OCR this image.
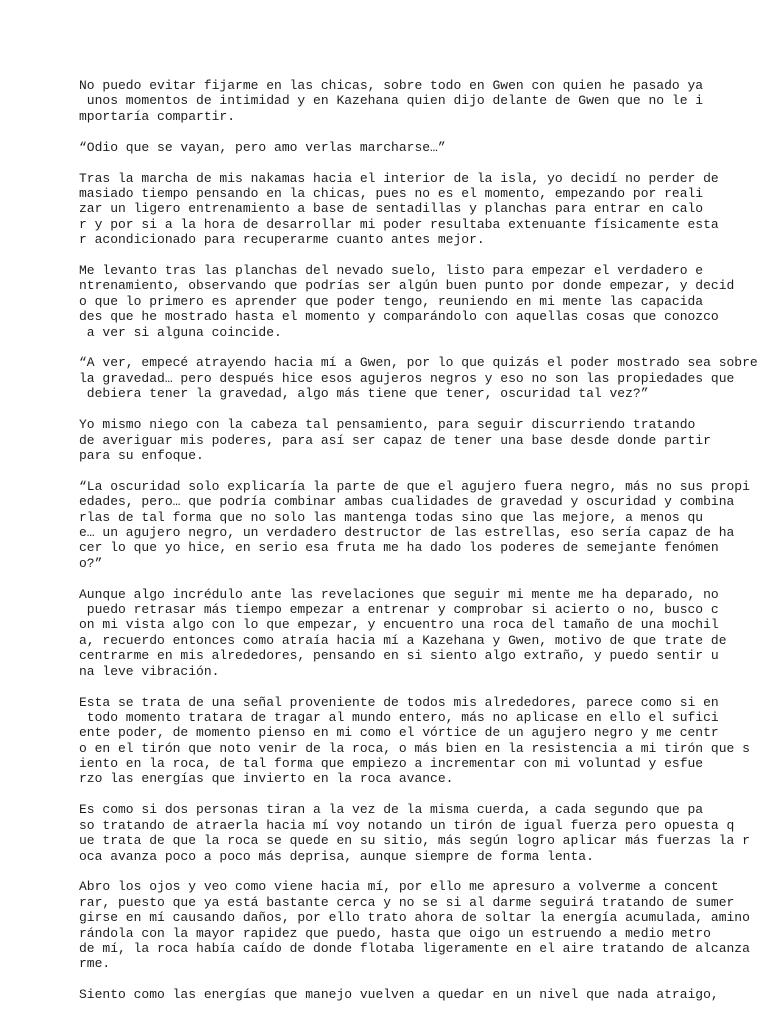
No puedo evitar fijarme en las chicas, sobre todo en Gwen con quien he pasado ya
unos momentos de intimidad y en Kazehana quien dijo delante de Gwen que no le i
mportaría compartir.
“Odio que se vayan, pero amo verlas marcharse…”
Tras la marcha de mis nakamas hacia el interior de la isla, yo decidí no perder de
masiado tiempo pensando en la chicas, pues no es el momento, empezando por reali
zar un ligero entrenamiento a base de sentadillas y planchas para entrar en calo
r y por si a la hora de desarrollar mi poder resultaba extenuante físicamente esta
r acondicionado para recuperarme cuanto antes mejor.
Me levanto tras las planchas del nevado suelo, listo para empezar el verdadero e
ntrenamiento, observando que podrías ser algún buen punto por donde empezar, y decid
o que lo primero es aprender que poder tengo, reuniendo en mi mente las capacida
des que he mostrado hasta el momento y comparándolo con aquellas cosas que conozco
a ver si alguna coincide.
“A ver, empecé atrayendo hacia mí a Gwen, por lo que quizás el poder mostrado sea sobre
la gravedad… pero después hice esos agujeros negros y eso no son las propiedades que
debiera tener la gravedad, algo más tiene que tener, oscuridad tal vez?”
Yo mismo niego con la cabeza tal pensamiento, para seguir discurriendo tratando
de averiguar mis poderes, para así ser capaz de tener una base desde donde partir
para su enfoque.
“La oscuridad solo explicaría la parte de que el agujero fuera negro, más no sus propi
edades, pero… que podría combinar ambas cualidades de gravedad y oscuridad y combina
rlas de tal forma que no solo las mantenga todas sino que las mejore, a menos qu
e… un agujero negro, un verdadero destructor de las estrellas, eso sería capaz de ha
cer lo que yo hice, en serio esa fruta me ha dado los poderes de semejante fenómen
o?”
Aunque algo incrédulo ante las revelaciones que seguir mi mente me ha deparado, no
puedo retrasar más tiempo empezar a entrenar y comprobar si acierto o no, busco c
on mi vista algo con lo que empezar, y encuentro una roca del tamaño de una mochil
a, recuerdo entonces como atraía hacia mí a Kazehana y Gwen, motivo de que trate de
centrarme en mis alrededores, pensando en si siento algo extraño, y puedo sentir u
na leve vibración.
Esta se trata de una señal proveniente de todos mis alrededores, parece como si en
todo momento tratara de tragar al mundo entero, más no aplicase en ello el sufici
ente poder, de momento pienso en mi como el vórtice de un agujero negro y me centr
o en el tirón que noto venir de la roca, o más bien en la resistencia a mi tirón que s
iento en la roca, de tal forma que empiezo a incrementar con mi voluntad y esfue
rzo las energías que invierto en la roca avance.
Es como si dos personas tiran a la vez de la misma cuerda, a cada segundo que pa
so tratando de atraerla hacia mí voy notando un tirón de igual fuerza pero opuesta q
ue trata de que la roca se quede en su sitio, más según logro aplicar más fuerzas la r
oca avanza poco a poco más deprisa, aunque siempre de forma lenta.
Abro los ojos y veo como viene hacia mí, por ello me apresuro a volverme a concent
rar, puesto que ya está bastante cerca y no se si al darme seguirá tratando de sumer
girse en mí causando daños, por ello trato ahora de soltar la energía acumulada, amino
rándola con la mayor rapidez que puedo, hasta que oigo un estruendo a medio metro
de mí, la roca había caído de donde flotaba ligeramente en el aire tratando de alcanza
rme.
Siento como las energías que manejo vuelven a quedar en un nivel que nada atraigo,
